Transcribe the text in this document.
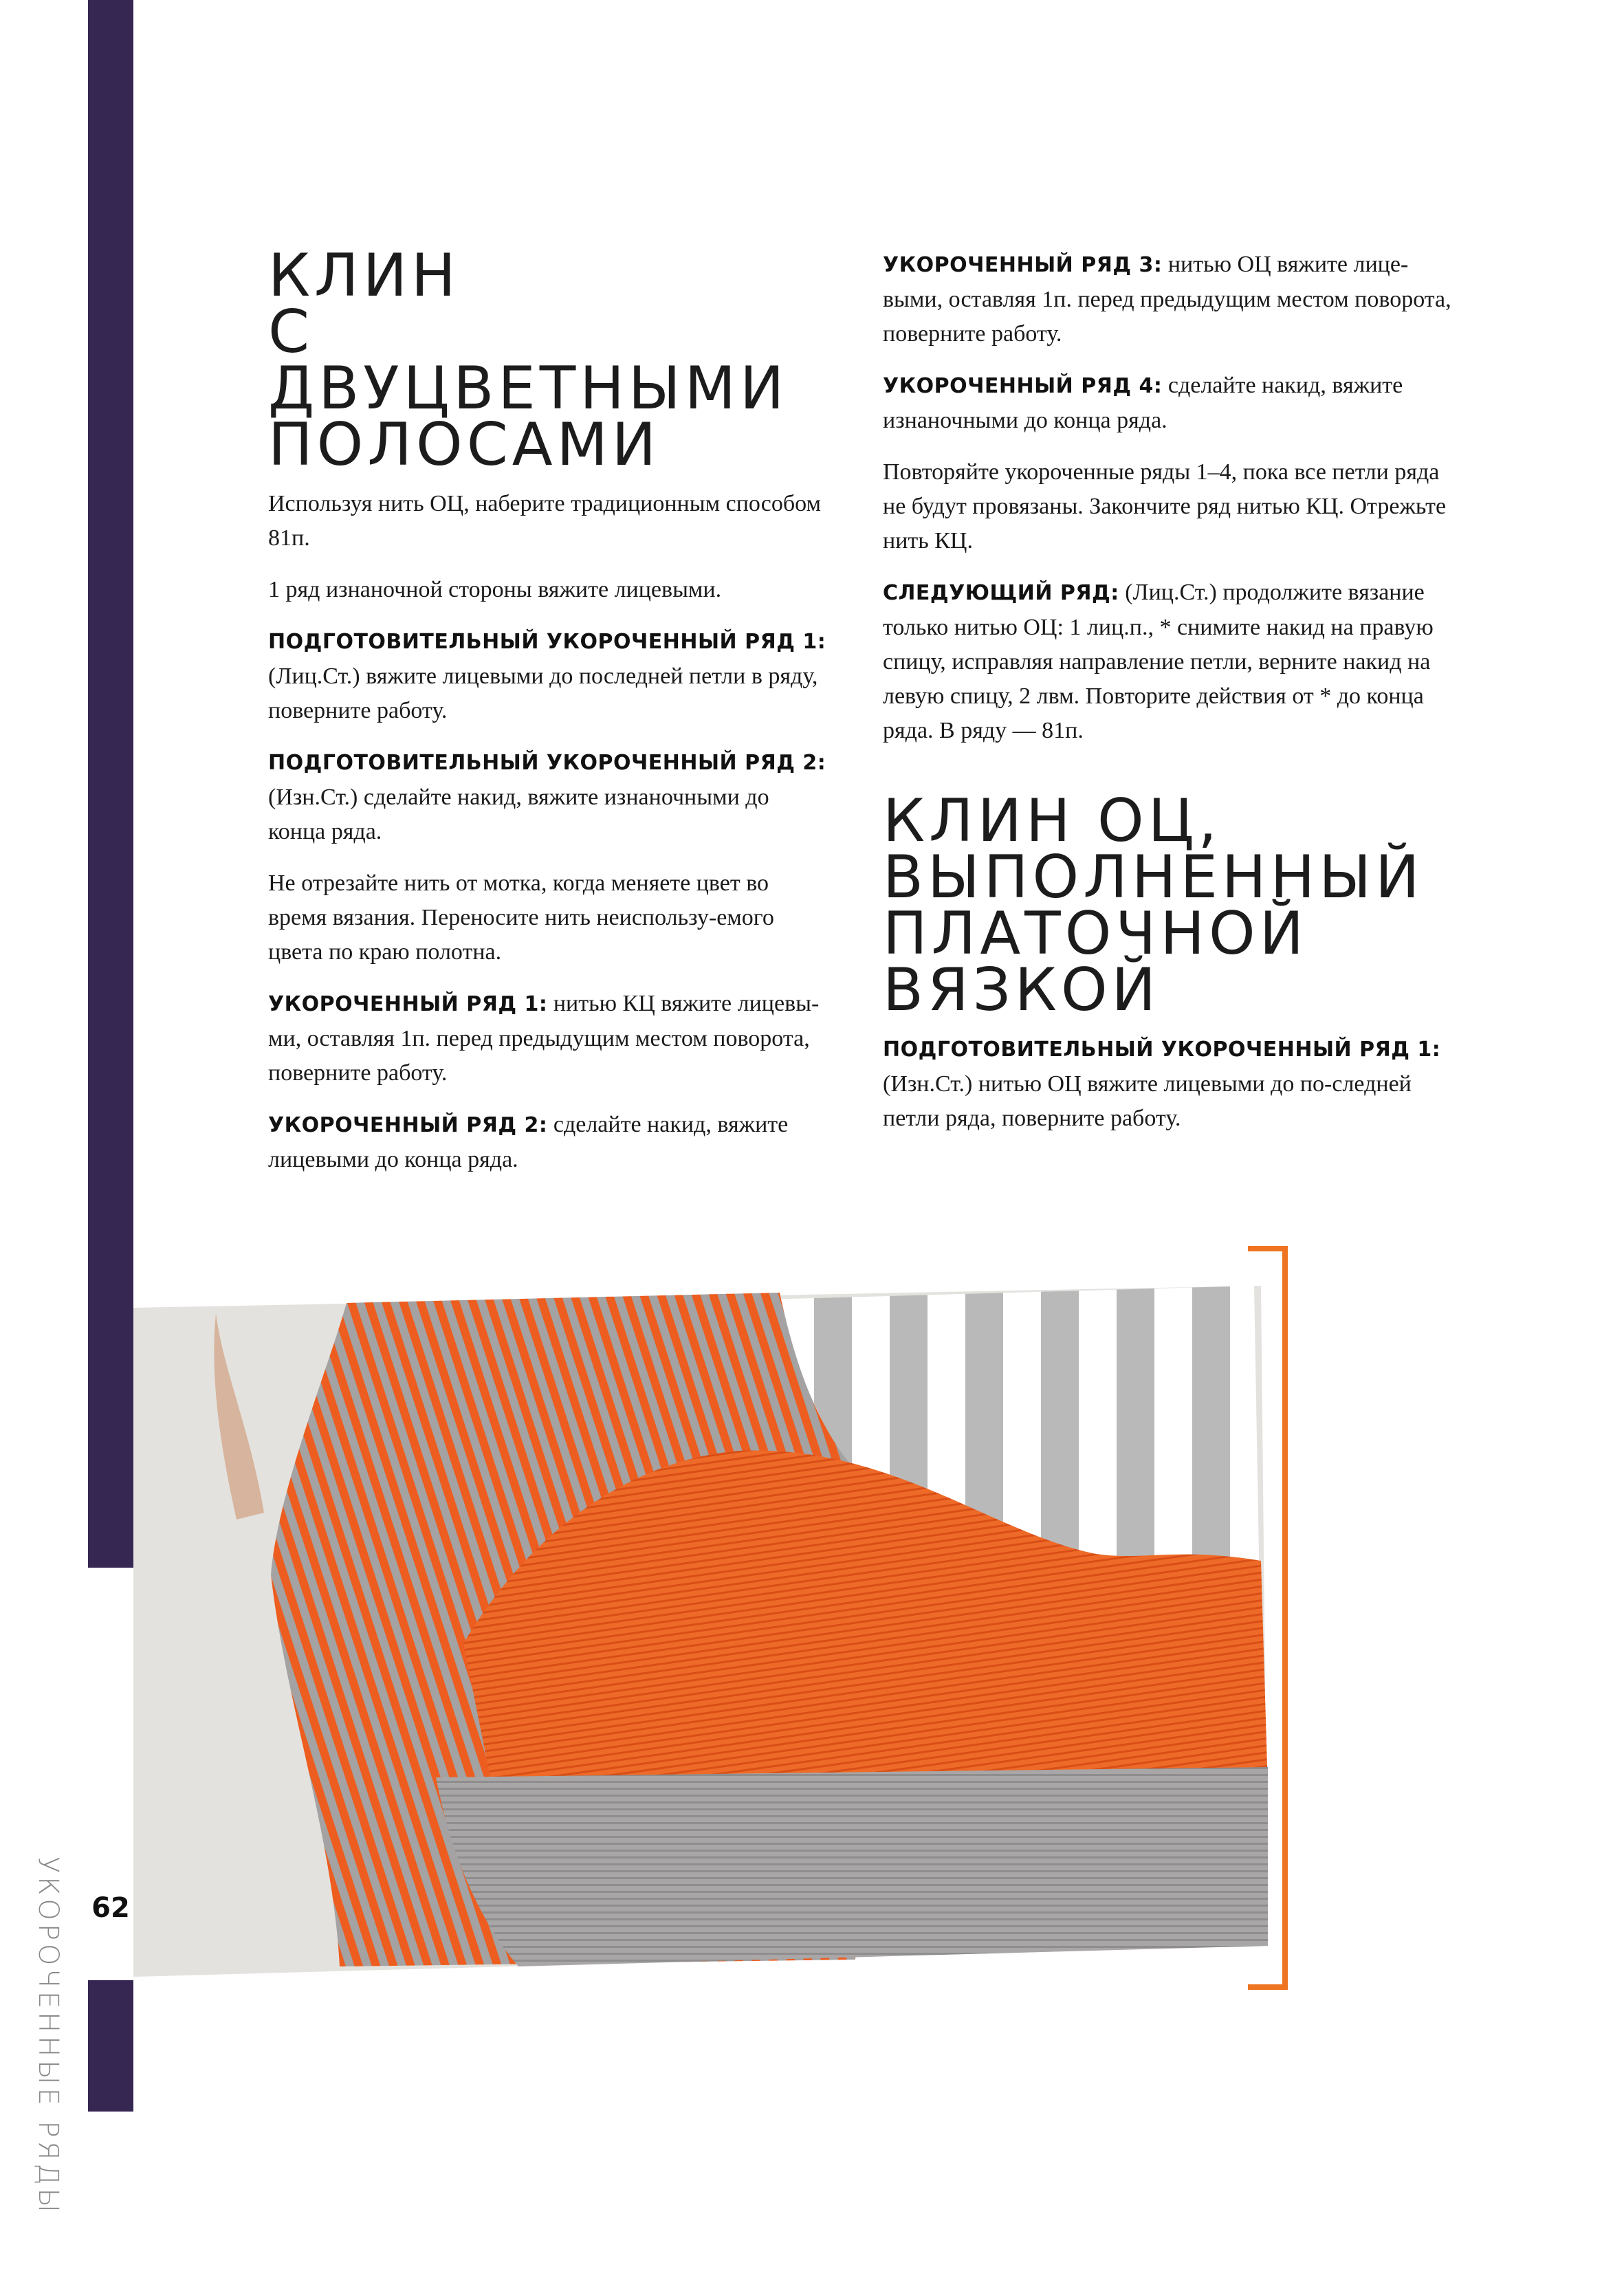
УКОРОЧЕННЫЕ РЯДЫ 62
КЛИН
С ДВУЦВЕТНЫМИ
ПОЛОСАМИ

Используя нить ОЦ, наберите традиционным способом 81п.

1 ряд изнаночной стороны вяжите лицевыми.

ПОДГОТОВИТЕЛЬНЫЙ УКОРОЧЕННЫЙ РЯД 1:
(Лиц.Ст.) вяжите лицевыми до последней петли в ряду, поверните работу.

ПОДГОТОВИТЕЛЬНЫЙ УКОРОЧЕННЫЙ РЯД 2:
(Изн.Ст.) сделайте накид, вяжите изнаночными до конца ряда.

Не отрезайте нить от мотка, когда меняете цвет во время вязания. Переносите нить неиспользу-емого цвета по краю полотна.

УКОРОЧЕННЫЙ РЯД 1: нитью КЦ вяжите лицевы-ми, оставляя 1п. перед предыдущим местом поворота, поверните работу.

УКОРОЧЕННЫЙ РЯД 2: сделайте накид, вяжите лицевыми до конца ряда.

УКОРОЧЕННЫЙ РЯД 3: нитью ОЦ вяжите лице-выми, оставляя 1п. перед предыдущим местом поворота, поверните работу.

УКОРОЧЕННЫЙ РЯД 4: сделайте накид, вяжите изнаночными до конца ряда.

Повторяйте укороченные ряды 1–4, пока все петли ряда не будут провязаны. Закончите ряд нитью КЦ. Отрежьте нить КЦ.

СЛЕДУЮЩИЙ РЯД: (Лиц.Ст.) продолжите вязание только нитью ОЦ: 1 лиц.п., * снимите накид на правую спицу, исправляя направление петли, верните накид на левую спицу, 2 лвм. Повторите действия от * до конца ряда. В ряду — 81п.

КЛИН ОЦ,
ВЫПОЛНЕННЫЙ
ПЛАТОЧНОЙ
ВЯЗКОЙ

ПОДГОТОВИТЕЛЬНЫЙ УКОРОЧЕННЫЙ РЯД 1:
(Изн.Ст.) нитью ОЦ вяжите лицевыми до по-следней петли ряда, поверните работу.
